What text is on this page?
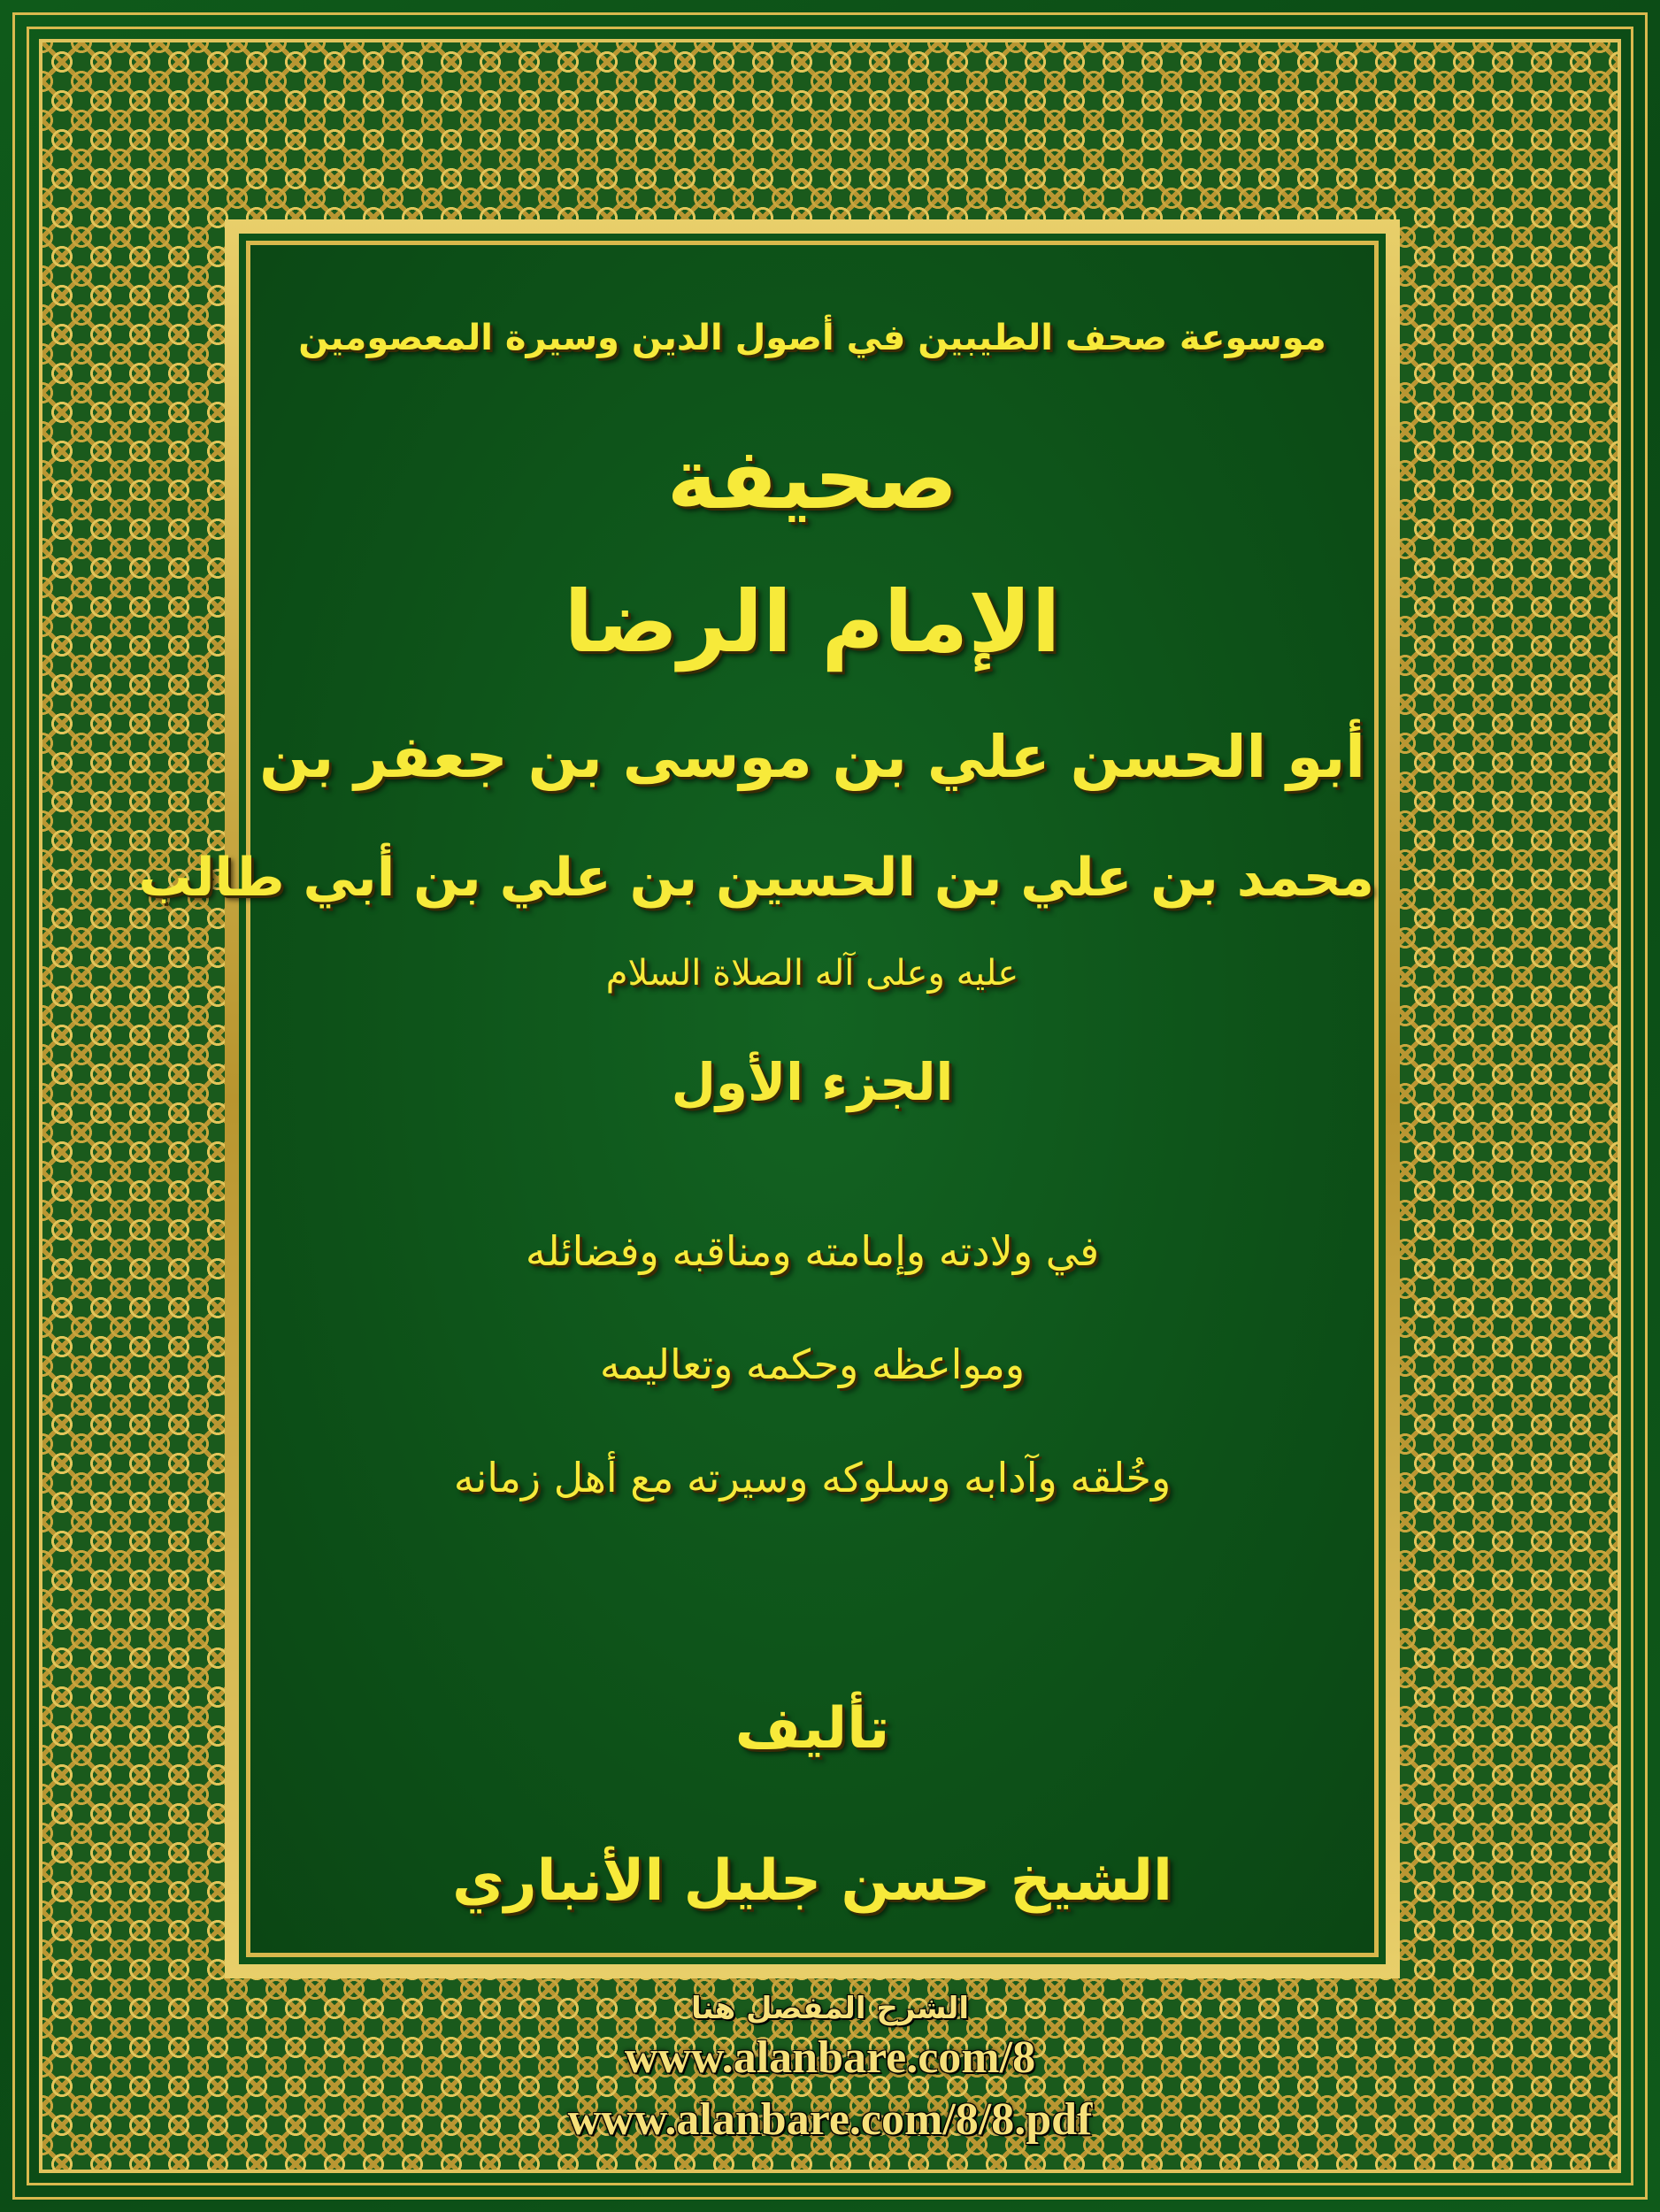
موسوعة صحف الطيبين في أصول الدين وسيرة المعصومين
صحيفة
الإمام الرضا
أبو الحسن علي بن موسى بن جعفر بن
محمد بن علي بن الحسين بن علي بن أبي طالب
عليه وعلى آله الصلاة السلام
الجزء الأول
في ولادته وإمامته ومناقبه وفضائله
ومواعظه وحكمه وتعاليمه
وخُلقه وآدابه وسلوكه وسيرته مع أهل زمانه
تأليف
الشيخ حسن جليل الأنباري
الشرح المفصل هنا
www.alanbare.com/8
www.alanbare.com/8/8.pdf
